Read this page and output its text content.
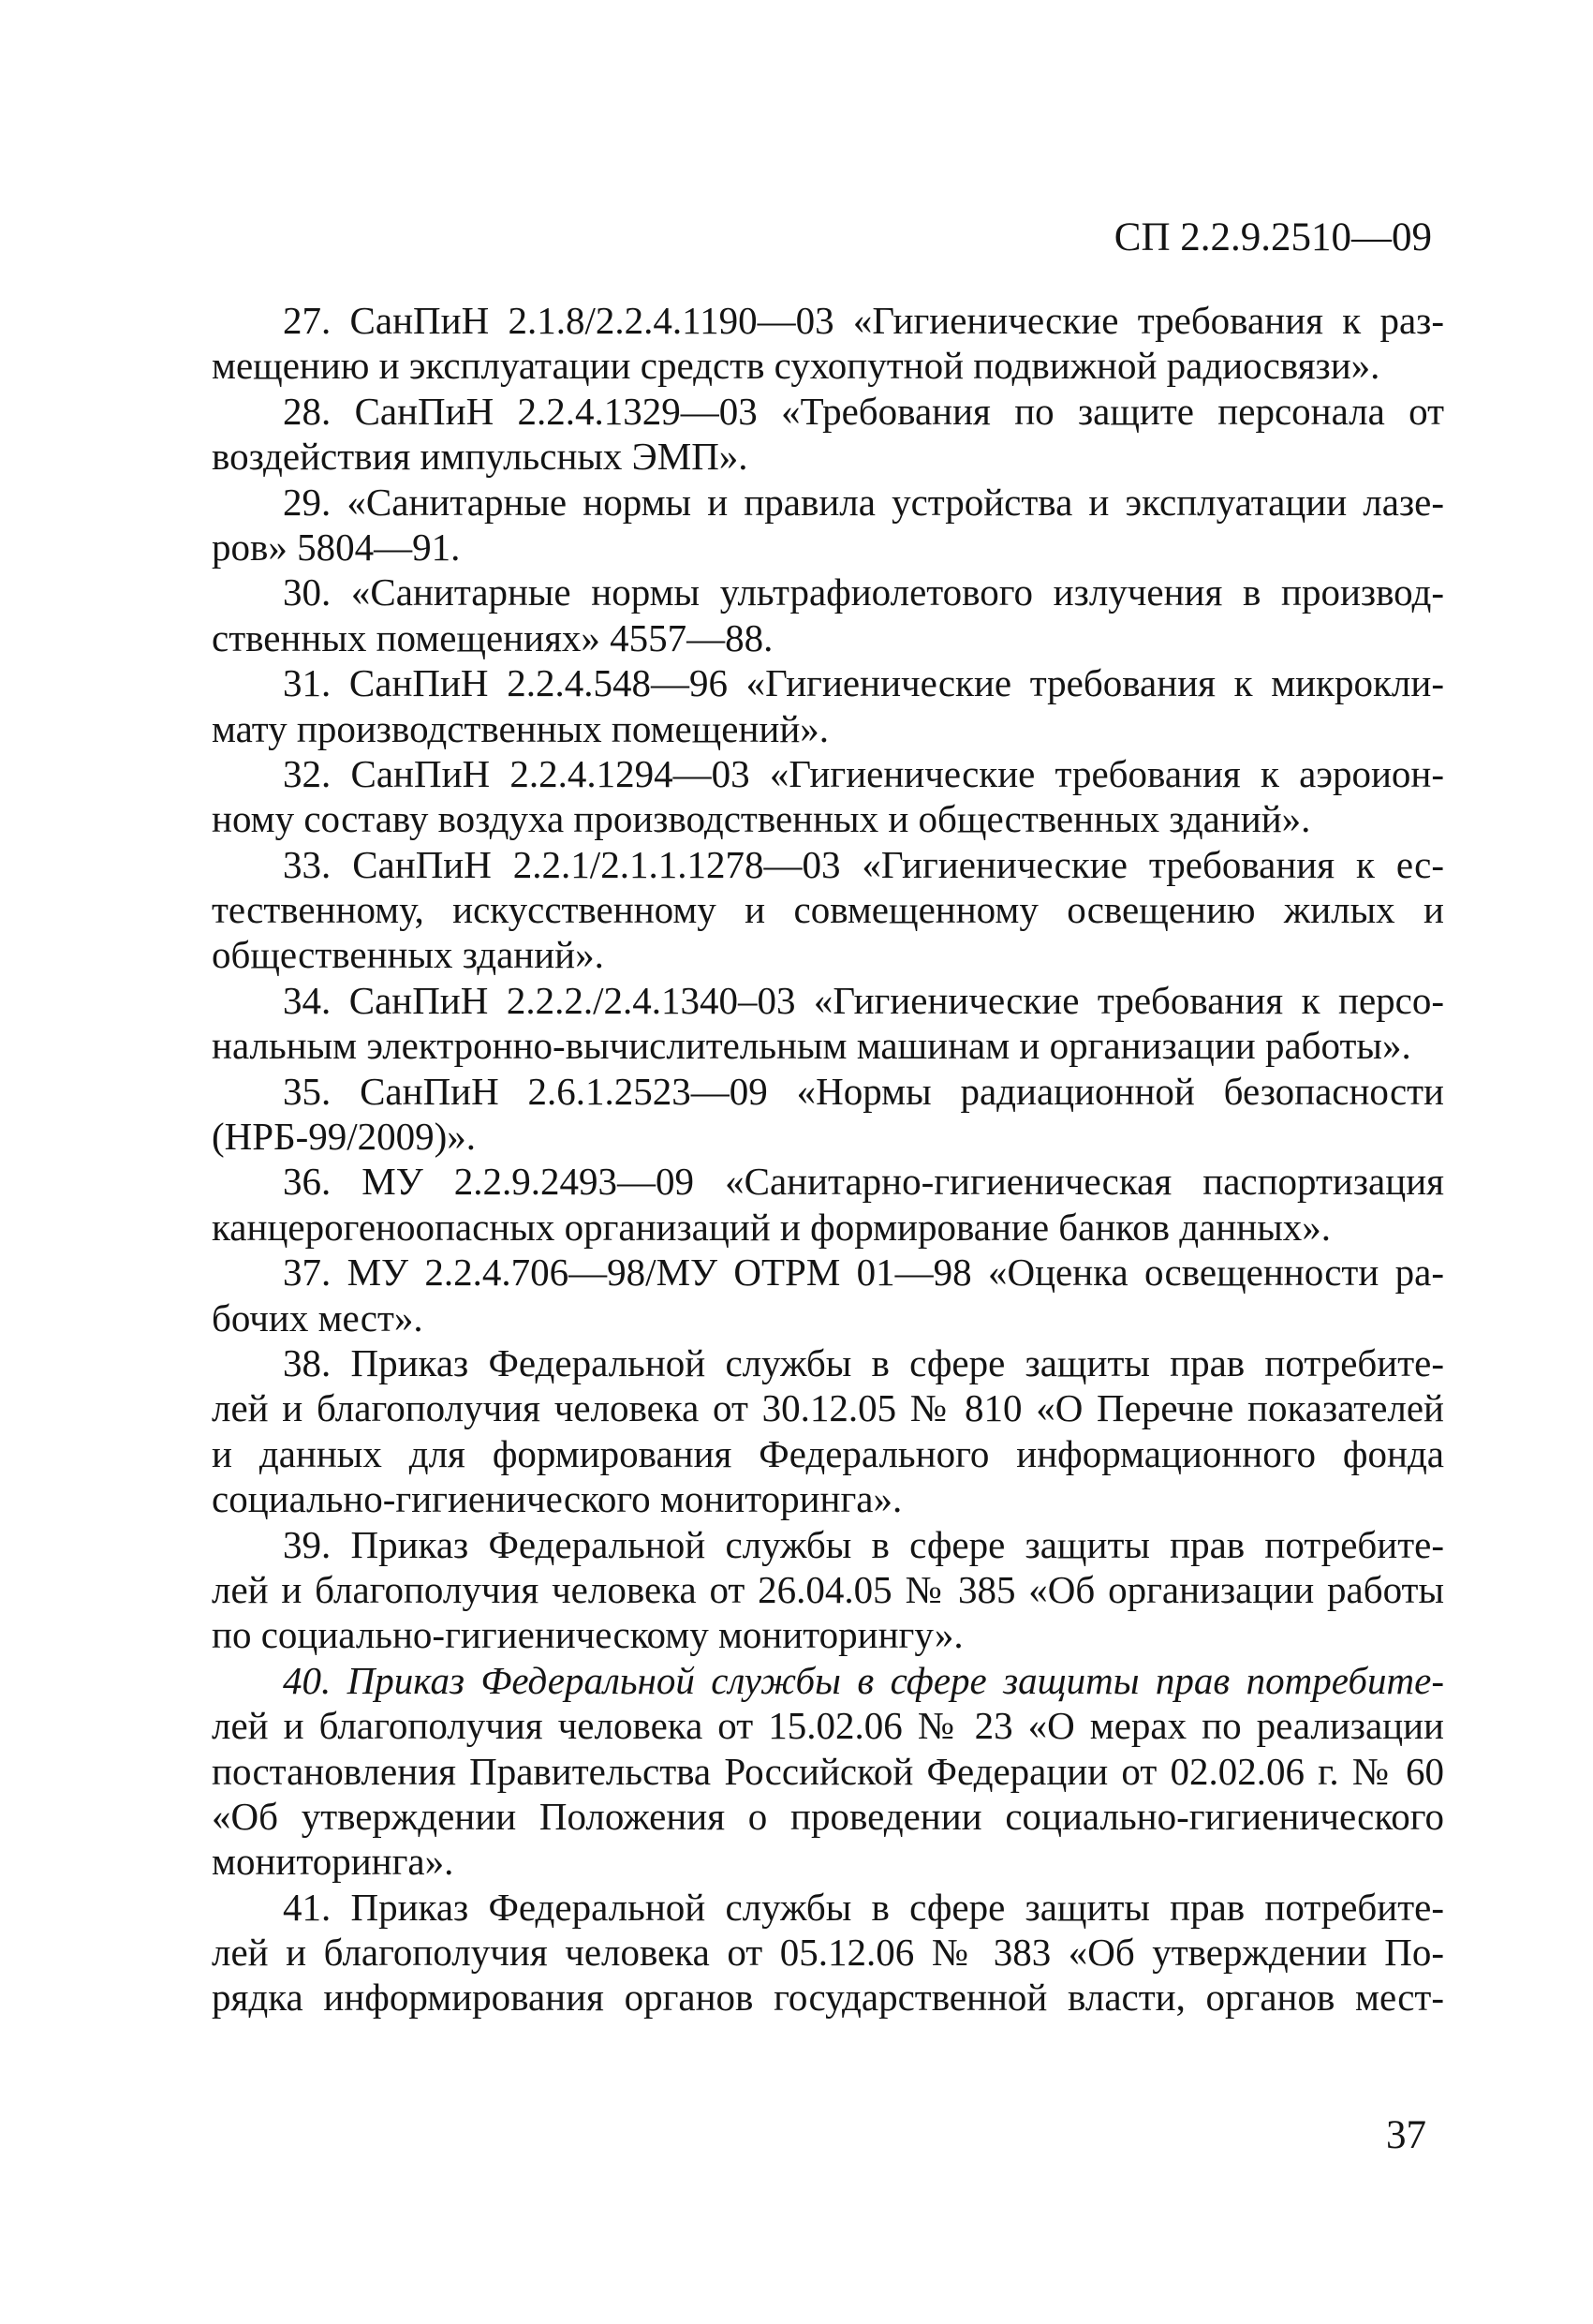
СП 2.2.9.2510—09
27. СанПиН 2.1.8/2.2.4.1190—03 «Гигиенические требования к раз-
мещению и эксплуатации средств сухопутной подвижной радиосвязи».
28. СанПиН 2.2.4.1329—03 «Требования по защите персонала от
воздействия импульсных ЭМП».
29. «Санитарные нормы и правила устройства и эксплуатации лазе-
ров» 5804—91.
30. «Санитарные нормы ультрафиолетового излучения в производ-
ственных помещениях» 4557—88.
31. СанПиН 2.2.4.548—96 «Гигиенические требования к микрокли-
мату производственных помещений».
32. СанПиН 2.2.4.1294—03 «Гигиенические требования к аэроион-
ному составу воздуха производственных и общественных зданий».
33. СанПиН 2.2.1/2.1.1.1278—03 «Гигиенические требования к ес-
тественному, искусственному и совмещенному освещению жилых и
общественных зданий».
34. СанПиН 2.2.2./2.4.1340–03 «Гигиенические требования к персо-
нальным электронно-вычислительным машинам и организации работы».
35. СанПиН 2.6.1.2523—09 «Нормы радиационной безопасности
(НРБ-99/2009)».
36. МУ 2.2.9.2493—09 «Санитарно-гигиеническая паспортизация
канцерогеноопасных организаций и формирование банков данных».
37. МУ 2.2.4.706—98/МУ ОТРМ 01—98 «Оценка освещенности ра-
бочих мест».
38. Приказ Федеральной службы в сфере защиты прав потребите-
лей и благополучия человека от 30.12.05 № 810 «О Перечне показателей
и данных для формирования Федерального информационного фонда
социально-гигиенического мониторинга».
39. Приказ Федеральной службы в сфере защиты прав потребите-
лей и благополучия человека от 26.04.05 № 385 «Об организации работы
по социально-гигиеническому мониторингу».
40. Приказ Федеральной службы в сфере защиты прав потребите-
лей и благополучия человека от 15.02.06 № 23 «О мерах по реализации
постановления Правительства Российской Федерации от 02.02.06 г. № 60
«Об утверждении Положения о проведении социально-гигиенического
мониторинга».
41. Приказ Федеральной службы в сфере защиты прав потребите-
лей и благополучия человека от 05.12.06 № 383 «Об утверждении По-
рядка информирования органов государственной власти, органов мест-
37
